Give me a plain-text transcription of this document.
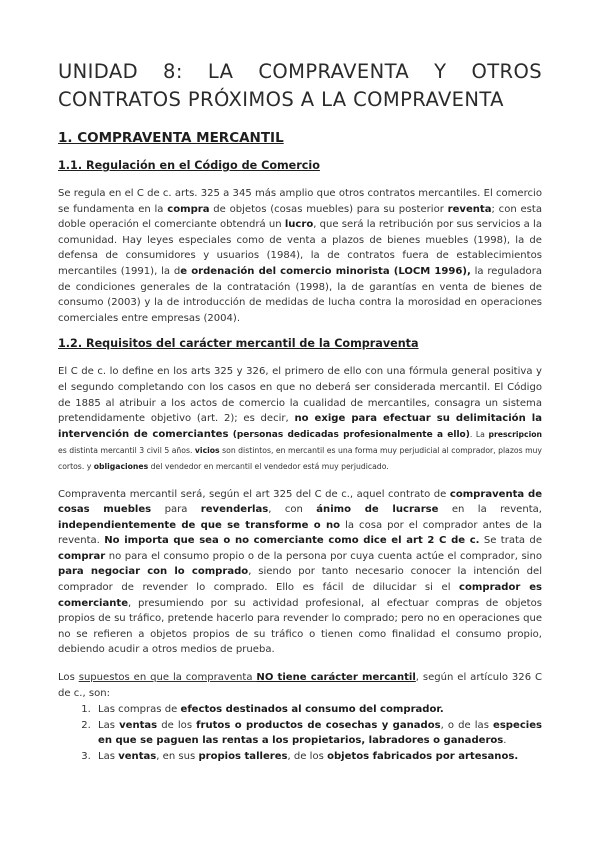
UNIDAD 8: LA COMPRAVENTA Y OTROS CONTRATOS PRÓXIMOS A LA COMPRAVENTA
1. COMPRAVENTA MERCANTIL
1.1. Regulación en el Código de Comercio

Se regula en el C de c. arts. 325 a 345 más amplio que otros contratos mercantiles. El comercio se fundamenta en la compra de objetos (cosas muebles) para su posterior reventa; con esta doble operación el comerciante obtendrá un lucro, que será la retribución por sus servicios a la comunidad. Hay leyes especiales como de venta a plazos de bienes muebles (1998), la de defensa de consumidores y usuarios (1984), la de contratos fuera de establecimientos mercantiles (1991), la de ordenación del comercio minorista (LOCM 1996), la reguladora de condiciones generales de la contratación (1998), la de garantías en venta de bienes de consumo (2003) y la de introducción de medidas de lucha contra la morosidad en operaciones comerciales entre empresas (2004).

1.2. Requisitos del carácter mercantil de la Compraventa

El C de c. lo define en los arts 325 y 326, el primero de ello con una fórmula general positiva y el segundo completando con los casos en que no deberá ser considerada mercantil. El Código de 1885 al atribuir a los actos de comercio la cualidad de mercantiles, consagra un sistema pretendidamente objetivo (art. 2); es decir, no exige para efectuar su delimitación la intervención de comerciantes (personas dedicadas profesionalmente a ello). La prescripcion es distinta mercantil 3 civil 5 años. vicios son distintos, en mercantil es una forma muy perjudicial al comprador, plazos muy cortos. y obligaciones del vendedor en mercantil el vendedor está muy perjudicado.

Compraventa mercantil será, según el art 325 del C de c., aquel contrato de compraventa de cosas muebles para revenderlas, con ánimo de lucrarse en la reventa, independientemente de que se transforme o no la cosa por el comprador antes de la reventa. No importa que sea o no comerciante como dice el art 2 C de c. Se trata de comprar no para el consumo propio o de la persona por cuya cuenta actúe el comprador, sino para negociar con lo comprado, siendo por tanto necesario conocer la intención del comprador de revender lo comprado. Ello es fácil de dilucidar si el comprador es comerciante, presumiendo por su actividad profesional, al efectuar compras de objetos propios de su tráfico, pretende hacerlo para revender lo comprado; pero no en operaciones que no se refieren a objetos propios de su tráfico o tienen como finalidad el consumo propio, debiendo acudir a otros medios de prueba.

Los supuestos en que la compraventa NO tiene carácter mercantil, según el artículo 326 C de c., son:

1. Las compras de efectos destinados al consumo del comprador.
2. Las ventas de los frutos o productos de cosechas y ganados, o de las especies en que se paguen las rentas a los propietarios, labradores o ganaderos.
3. Las ventas, en sus propios talleres, de los objetos fabricados por artesanos.
